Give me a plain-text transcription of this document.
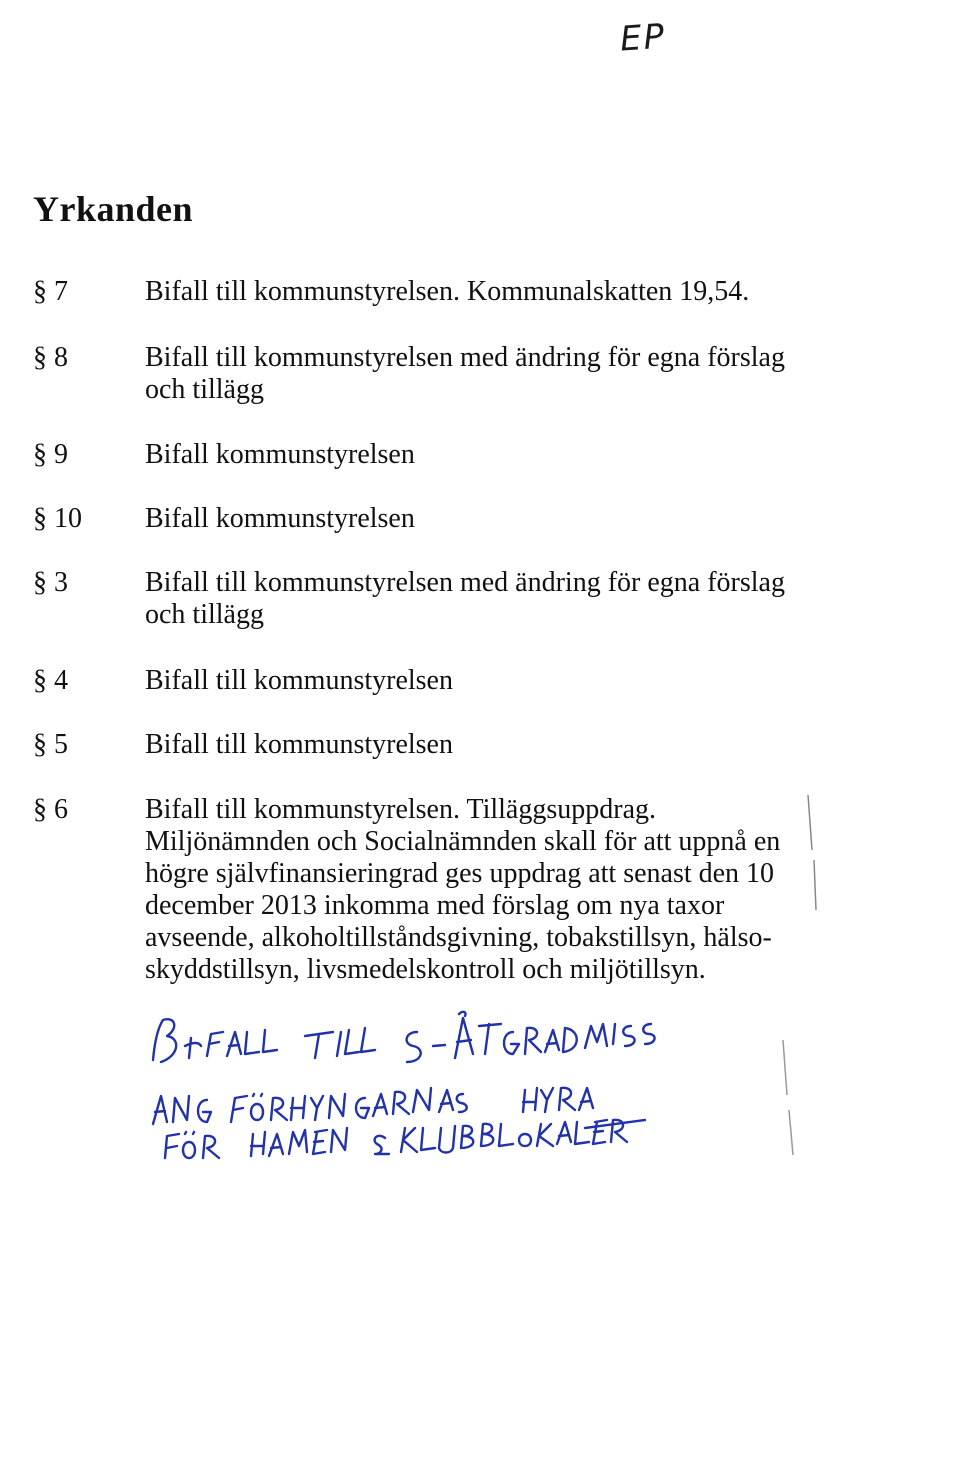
EP
Yrkanden
§ 7	Bifall till kommunstyrelsen. Kommunalskatten 19,54.
§ 8	Bifall till kommunstyrelsen med ändring för egna förslag
och tillägg
§ 9	Bifall kommunstyrelsen
§ 10 Bifall kommunstyrelsen
§ 3	Bifall till kommunstyrelsen med ändring för egna förslag
och tillägg
§ 4	Bifall till kommunstyrelsen
§ 5	Bifall till kommunstyrelsen
§ 6	Bifall till kommunstyrelsen. Tilläggsuppdrag.
Miljönämnden och Socialnämnden skall för att uppnå en
högre självfinansieringrad ges uppdrag att senast den 10
december 2013 inkomma med förslag om nya taxor
avseende, alkoholtillståndsgivning, tobakstillsyn, hälso-
skyddstillsyn, livsmedelskontroll och miljötillsyn.
